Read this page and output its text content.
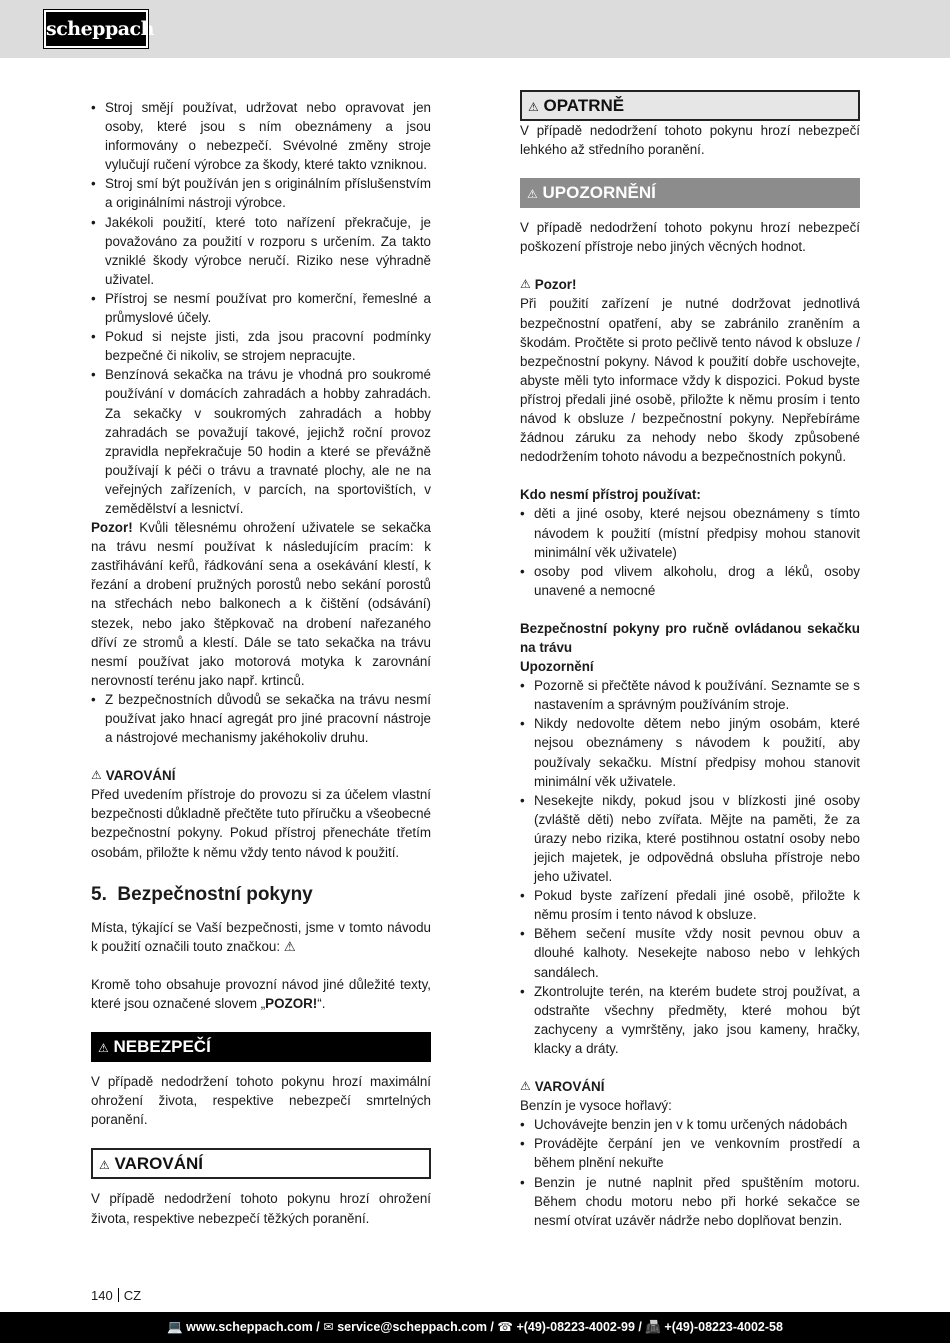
scheppach
• Stroj smějí používat, udržovat nebo opravovat jen osoby, které jsou s ním obeznámeny a jsou informovány o nebezpečí. Svévolné změny stroje vylučují ručení výrobce za škody, které takto vzniknou.
• Stroj smí být používán jen s originálním příslušenstvím a originálními nástroji výrobce.
• Jakékoli použití, které toto nařízení překračuje, je považováno za použití v rozporu s určením. Za takto vzniklé škody výrobce neručí. Riziko nese výhradně uživatel.
• Přístroj se nesmí používat pro komerční, řemeslné a průmyslové účely.
• Pokud si nejste jisti, zda jsou pracovní podmínky bezpečné či nikoliv, se strojem nepracujte.
• Benzínová sekačka na trávu je vhodná pro soukromé používání v domácích zahradách a hobby zahradách. Za sekačky v soukromých zahradách a hobby zahradách se považují takové, jejichž roční provoz zpravidla nepřekračuje 50 hodin a které se převážně používají k péči o trávu a travnaté plochy, ale ne na veřejných zařízeních, v parcích, na sportovištích, v zemědělství a lesnictví.

Pozor! Kvůli tělesnému ohrožení uživatele se sekačka na trávu nesmí používat k následujícím pracím: k zastřihávání keřů, řádkování sena a osekávání klestí, k řezání a drobení pružných porostů nebo sekání porostů na střechách nebo balkonech a k čištění (odsávání) stezek, nebo jako štěpkovač na drobení nařezaného dříví ze stromů a klestí. Dále se tato sekačka na trávu nesmí používat jako motorová motyka k zarovnání nerovností terénu jako např. krtinců.

• Z bezpečnostních důvodů se sekačka na trávu nesmí používat jako hnací agregát pro jiné pracovní nástroje a nástrojové mechanismy jakéhokoliv druhu.
⚠ VAROVÁNÍ

Před uvedením přístroje do provozu si za účelem vlastní bezpečnosti důkladně přečtěte tuto příručku a všeobecné bezpečnostní pokyny. Pokud přístroj přenecháte třetím osobám, přiložte k němu vždy tento návod k použití.

5. Bezpečnostní pokyny

Místa, týkající se Vaší bezpečnosti, jsme v tomto návodu k použití označili touto značkou: ⚠

Kromě toho obsahuje provozní návod jiné důležité texty, které jsou označené slovem „POZOR!“.

⚠ NEBEZPEČÍ

V případě nedodržení tohoto pokynu hrozí maximální ohrožení života, respektive nebezpečí smrtelných poranění.

⚠ VAROVÁNÍ

V případě nedodržení tohoto pokynu hrozí ohrožení života, respektive nebezpečí těžkých poranění.

⚠ OPATRNĚ

V případě nedodržení tohoto pokynu hrozí nebezpečí lehkého až středního poranění.

⚠ UPOZORNĚNÍ

V případě nedodržení tohoto pokynu hrozí nebezpečí poškození přístroje nebo jiných věcných hodnot.

⚠ Pozor!

Při použití zařízení je nutné dodržovat jednotlivá bezpečnostní opatření, aby se zabránilo zraněním a škodám. Pročtěte si proto pečlivě tento návod k obsluze / bezpečnostní pokyny. Návod k použití dobře uschovejte, abyste měli tyto informace vždy k dispozici. Pokud byste přístroj předali jiné osobě, přiložte k němu prosím i tento návod k obsluze / bezpečnostní pokyny. Nepřebíráme žádnou záruku za nehody nebo škody způsobené nedodržením tohoto návodu a bezpečnostních pokynů.

Kdo nesmí přístroj používat:
• děti a jiné osoby, které nejsou obeznámeny s tímto návodem k použití (místní předpisy mohou stanovit minimální věk uživatele)
• osoby pod vlivem alkoholu, drog a léků, osoby unavené a nemocné

Bezpečnostní pokyny pro ručně ovládanou sekačku na trávu

Upozornění
• Pozorně si přečtěte návod k používání. Seznamte se s nastavením a správným používáním stroje.
• Nikdy nedovolte dětem nebo jiným osobám, které nejsou obeznámeny s návodem k použití, aby používaly sekačku. Místní předpisy mohou stanovit minimální věk uživatele.
• Nesekejte nikdy, pokud jsou v blízkosti jiné osoby (zvláště děti) nebo zvířata. Mějte na paměti, že za úrazy nebo rizika, které postihnou ostatní osoby nebo jejich majetek, je odpovědná obsluha přístroje nebo jeho uživatel.
• Pokud byste zařízení předali jiné osobě, přiložte k němu prosím i tento návod k obsluze.
• Během sečení musíte vždy nosit pevnou obuv a dlouhé kalhoty. Nesekejte naboso nebo v lehkých sandálech.
• Zkontrolujte terén, na kterém budete stroj používat, a odstraňte všechny předměty, které mohou být zachyceny a vymrštěny, jako jsou kameny, hračky, klacky a dráty.
⚠ VAROVÁNÍ
Benzín je vysoce hořlavý:
• Uchovávejte benzin jen v k tomu určených nádobách
• Provádějte čerpání jen ve venkovním prostředí a během plnění nekuřte
• Benzin je nutné naplnit před spuštěním motoru. Během chodu motoru nebo při horké sekačce se nesmí otvírat uzávěr nádrže nebo doplňovat benzin.
140 CZ
💻 www.scheppach.com / ✉ service@scheppach.com / ☎ +(49)-08223-4002-99 / 📠 +(49)-08223-4002-58
